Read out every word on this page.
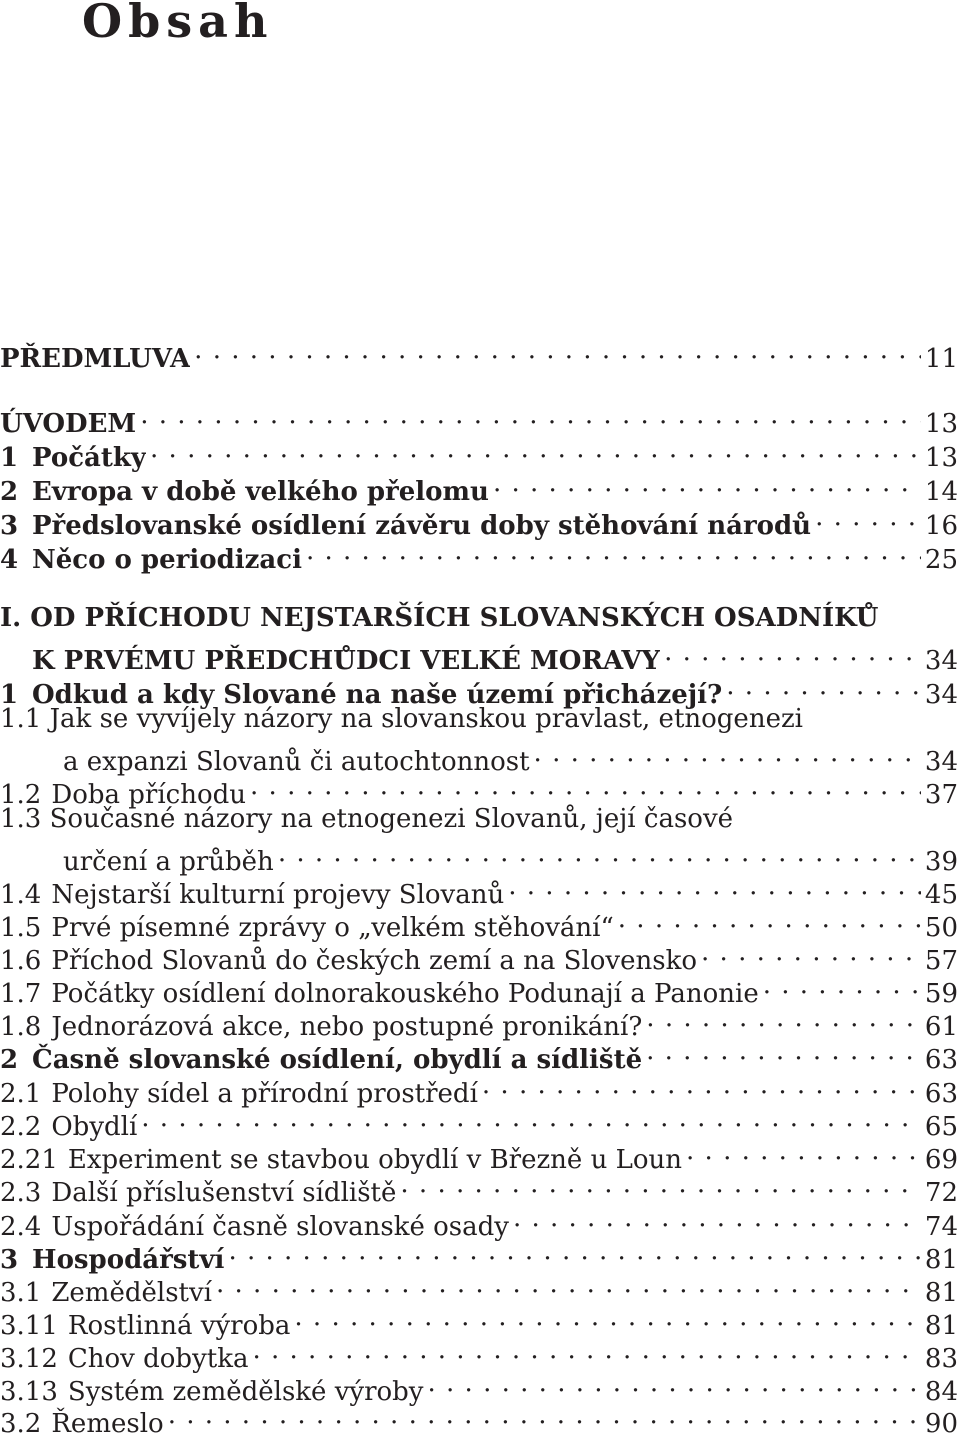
Obsah
PŘEDMLUVA . . .	11
ÚVODEM . . .	13
1 Počátky . . .	13
2 Evropa v době velkého přelomu . . .	14
3 Předslovanské osídlení závěru doby stěhování národů . . .	16
4 Něco o periodizaci . . .	25
I. OD PŘÍCHODU NEJSTARŠÍCH SLOVANSKÝCH OSADNÍKŮ
K PRVÉMU PŘEDCHŮDCI VELKÉ MORAVY . . .	34
1 Odkud a kdy Slované na naše území přicházejí? . . .	34
1.1 Jak se vyvíjely názory na slovanskou pravlast, etnogenezi
a expanzi Slovanů či autochtonnost . . .	34
1.2 Doba příchodu . . .	37
1.3 Současné názory na etnogenezi Slovanů, její časové
určení a průběh . . .	39
1.4 Nejstarší kulturní projevy Slovanů . . .	45
1.5 Prvé písemné zprávy o „velkém stěhování“ . . .	50
1.6 Příchod Slovanů do českých zemí a na Slovensko . . .	57
1.7 Počátky osídlení dolnorakouského Podunají a Panonie . . .	59
1.8 Jednorázová akce, nebo postupné pronikání? . . .	61
2 Časně slovanské osídlení, obydlí a sídliště . . .	63
2.1 Polohy sídel a přírodní prostředí . . .	63
2.2 Obydlí . . .	65
2.21 Experiment se stavbou obydlí v Březně u Loun . . .	69
2.3 Další příslušenství sídliště . . .	72
2.4 Uspořádání časně slovanské osady . . .	74
3 Hospodářství . . .	81
3.1 Zemědělství . . .	81
3.11 Rostlinná výroba . . .	81
3.12 Chov dobytka . . .	83
3.13 Systém zemědělské výroby . . .	84
3.2 Řemeslo . . .	90
